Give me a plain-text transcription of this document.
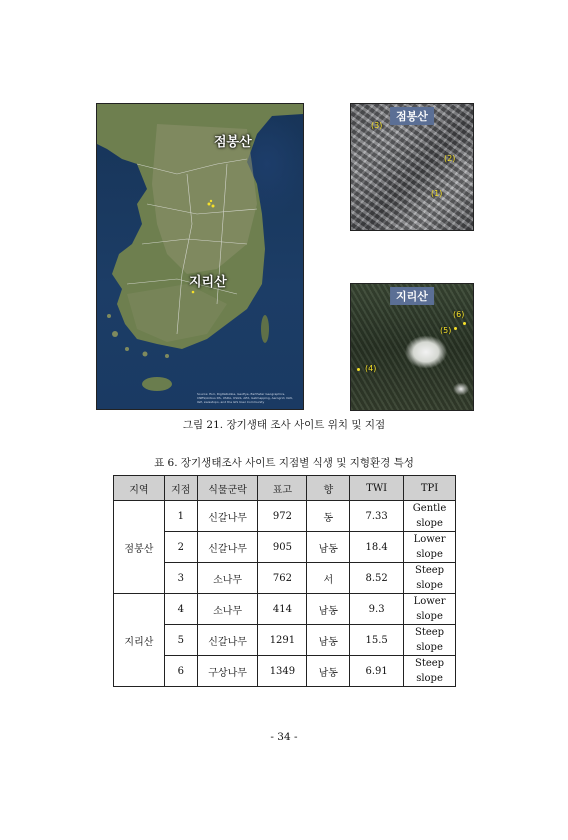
점봉산
지리산
Source: Esri, DigitalGlobe, GeoEye, Earthstar Geographics, CNES/Airbus DS, USDA, USGS, AEX, Getmapping, Aerogrid, IGN, IGP, swisstopo, and the GIS User Community
점봉산
(3)
(2)
(1)
지리산
(6)
(5)
(4)
그림 21. 장기생태 조사 사이트 위치 및 지점
표 6. 장기생태조사 사이트 지점별 식생 및 지형환경 특성
지역	지점	식물군락	표고	향	TWI	TPI
점봉산	1	신갈나무	972	동	7.33	Gentle
slope
	2	신갈나무	905	남동	18.4	Lower
slope
	3	소나무	762	서	8.52	Steep
slope
지리산	4	소나무	414	남동	9.3	Lower
slope
	5	신갈나무	1291	남동	15.5	Steep
slope
	6	구상나무	1349	남동	6.91	Steep
slope
- 34 -
